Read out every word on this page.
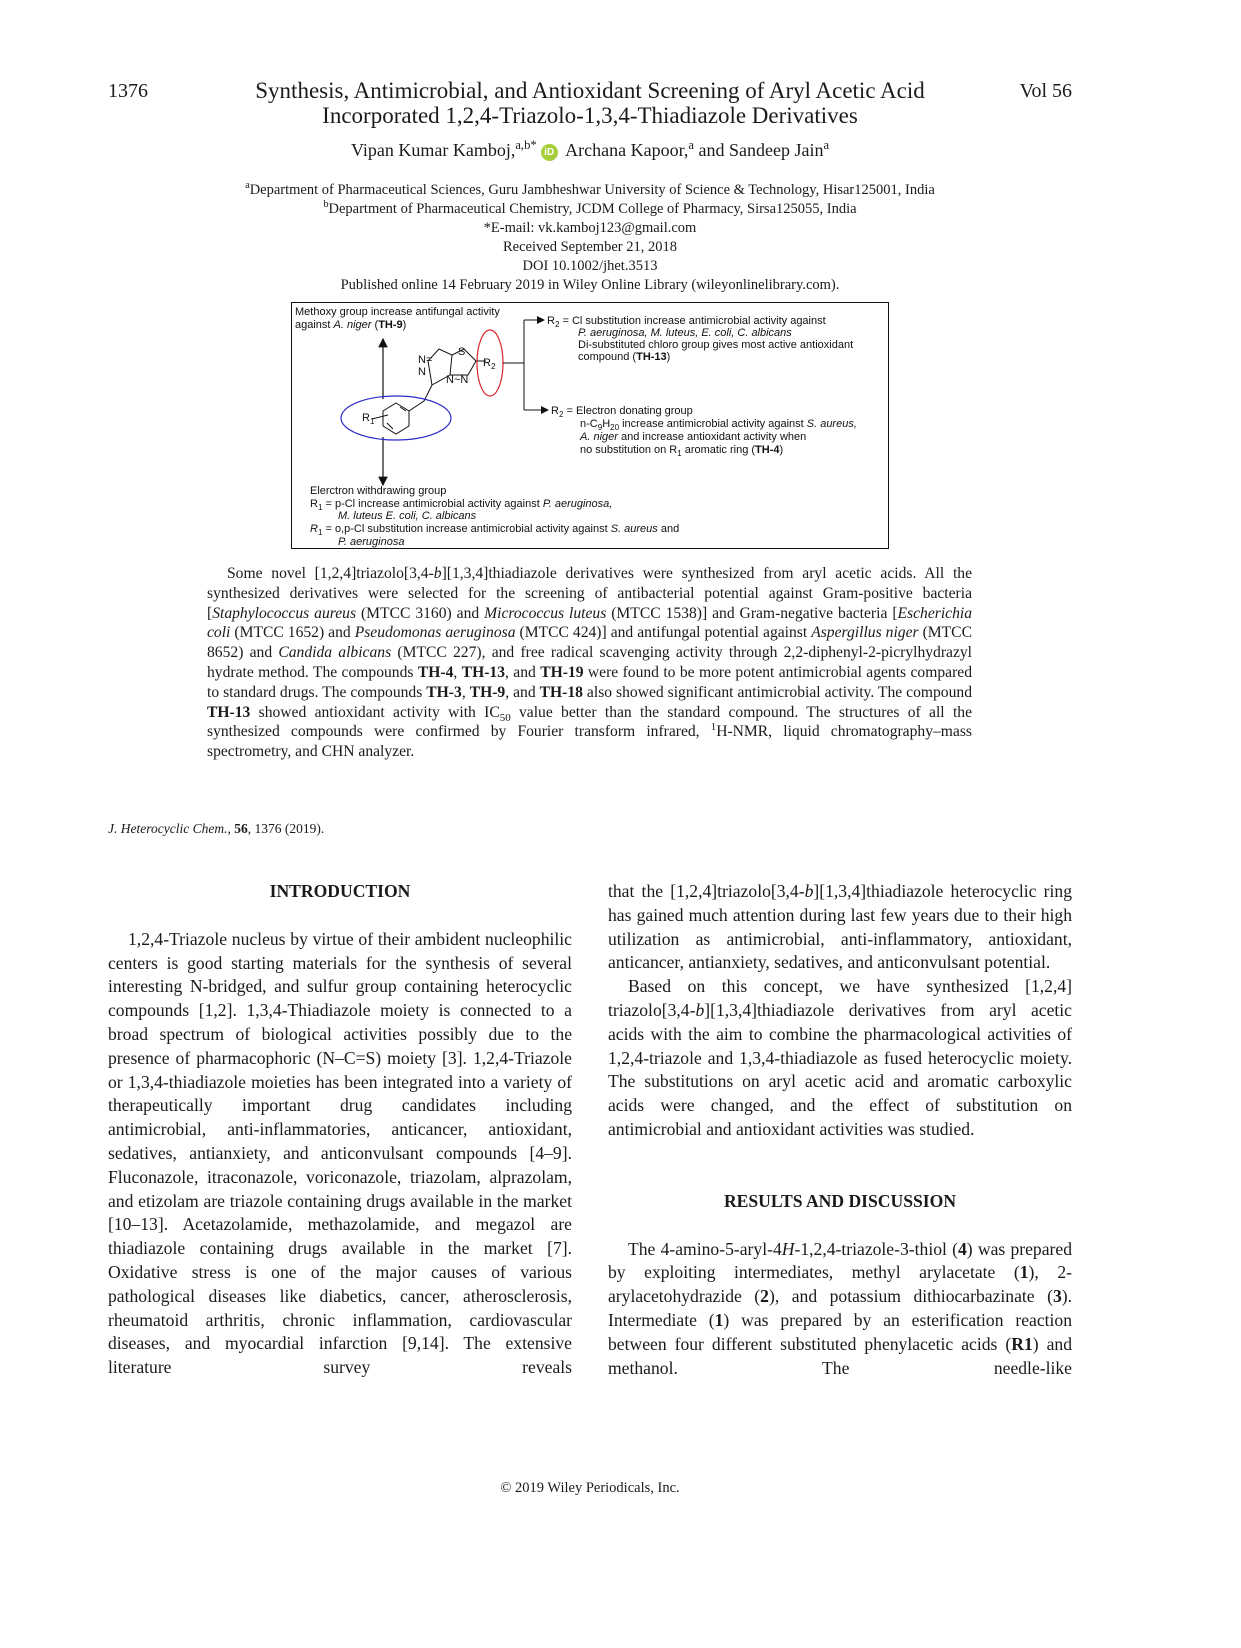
1376	Vol 56
Synthesis, Antimicrobial, and Antioxidant Screening of Aryl Acetic Acid
Incorporated 1,2,4-Triazolo-1,3,4-Thiadiazole Derivatives
Vipan Kumar Kamboj,$^{a,b*}$iD Archana Kapoor,$^a$ and Sandeep Jain$^a$
$^a$Department of Pharmaceutical Sciences, Guru Jambheshwar University of Science & Technology, Hisar125001, India
$^b$Department of Pharmaceutical Chemistry, JCDM College of Pharmacy, Sirsa125055, India
*E-mail: vk.kamboj123@gmail.com
Received September 21, 2018
DOI 10.1002/jhet.3513
Published online 14 February 2019 in Wiley Online Library (wileyonlinelibrary.com).
Methoxy group increase antifungal activity
against A. niger (TH-9)
N=
N
S
N~N
$R_2$
$R_1$
$R_2 = Cl$ substitution increase antimicrobial activity against
P. aeruginosa, M. luteus, E. coli, C. albicans
Di-substituted chloro group gives most active antioxidant
compound (TH-13)
$R_2$ = Electron donating group
$n-C_9H_{20}$ increase antimicrobial activity against S. aureus,
A. niger and increase antioxidant activity when
no substitution on $R_1$ aromatic ring (TH-4)
Elerctron withdrawing group
$R_1 = p-Cl$ increase antimicrobial activity against P. aeruginosa,
M. luteus E. coli, C. albicans
$R_1 = o,p-Cl$ substitution increase antimicrobial activity against S. aureus and
P. aeruginosa

Some novel [1,2,4]triazolo[3,4-b][1,3,4]thiadiazole derivatives were synthesized from aryl acetic acids. All the synthesized derivatives were selected for the screening of antibacterial potential against Gram-positive bacteria [Staphylococcus aureus (MTCC 3160) and Micrococcus luteus (MTCC 1538)] and Gram-negative bacteria [Escherichia coli (MTCC 1652) and Pseudomonas aeruginosa (MTCC 424)] and antifungal potential against Aspergillus niger (MTCC 8652) and Candida albicans (MTCC 227), and free radical scavenging activity through 2,2-diphenyl-2-picrylhydrazyl hydrate method. The compounds TH-4, TH-13, and TH-19 were found to be more potent antimicrobial agents compared to standard drugs. The compounds TH-3, TH-9, and TH-18 also showed significant antimicrobial activity. The compound TH-13 showed antioxidant activity with $IC_{50}$ value better than the standard compound. The structures of all the synthesized compounds were confirmed by Fourier transform infrared, $^1$H-NMR, liquid chromatography–mass spectrometry, and CHN analyzer.

J. Heterocyclic Chem., 56, 1376 (2019).
INTRODUCTION

1,2,4-Triazole nucleus by virtue of their ambident nucleophilic centers is good starting materials for the synthesis of several interesting N-bridged, and sulfur group containing heterocyclic compounds [1,2]. 1,3,4-Thiadiazole moiety is connected to a broad spectrum of biological activities possibly due to the presence of pharmacophoric (N–C=S) moiety [3]. 1,2,4-Triazole or 1,3,4-thiadiazole moieties has been integrated into a variety of therapeutically important drug candidates including antimicrobial, anti-inflammatories, anticancer, antioxidant, sedatives, antianxiety, and anticonvulsant compounds [4–9]. Fluconazole, itraconazole, voriconazole, triazolam, alprazolam, and etizolam are triazole containing drugs available in the market [10–13]. Acetazolamide, methazolamide, and megazol are thiadiazole containing drugs available in the market [7]. Oxidative stress is one of the major causes of various pathological diseases like diabetics, cancer, atherosclerosis, rheumatoid arthritis, chronic inflammation, cardiovascular diseases, and myocardial infarction [9,14]. The extensive literature survey reveals

that the [1,2,4]triazolo[3,4-b][1,3,4]thiadiazole heterocyclic ring has gained much attention during last few years due to their high utilization as antimicrobial, anti-inflammatory, antioxidant, anticancer, antianxiety, sedatives, and anticonvulsant potential.

Based on this concept, we have synthesized [1,2,4] triazolo[3,4-b][1,3,4]thiadiazole derivatives from aryl acetic acids with the aim to combine the pharmacological activities of 1,2,4-triazole and 1,3,4-thiadiazole as fused heterocyclic moiety. The substitutions on aryl acetic acid and aromatic carboxylic acids were changed, and the effect of substitution on antimicrobial and antioxidant activities was studied.

RESULTS AND DISCUSSION

The 4-amino-5-aryl-4H-1,2,4-triazole-3-thiol (4) was prepared by exploiting intermediates, methyl arylacetate (1), 2-arylacetohydrazide (2), and potassium dithiocarbazinate (3). Intermediate (1) was prepared by an esterification reaction between four different substituted phenylacetic acids (R1) and methanol. The needle-like

© 2019 Wiley Periodicals, Inc.
